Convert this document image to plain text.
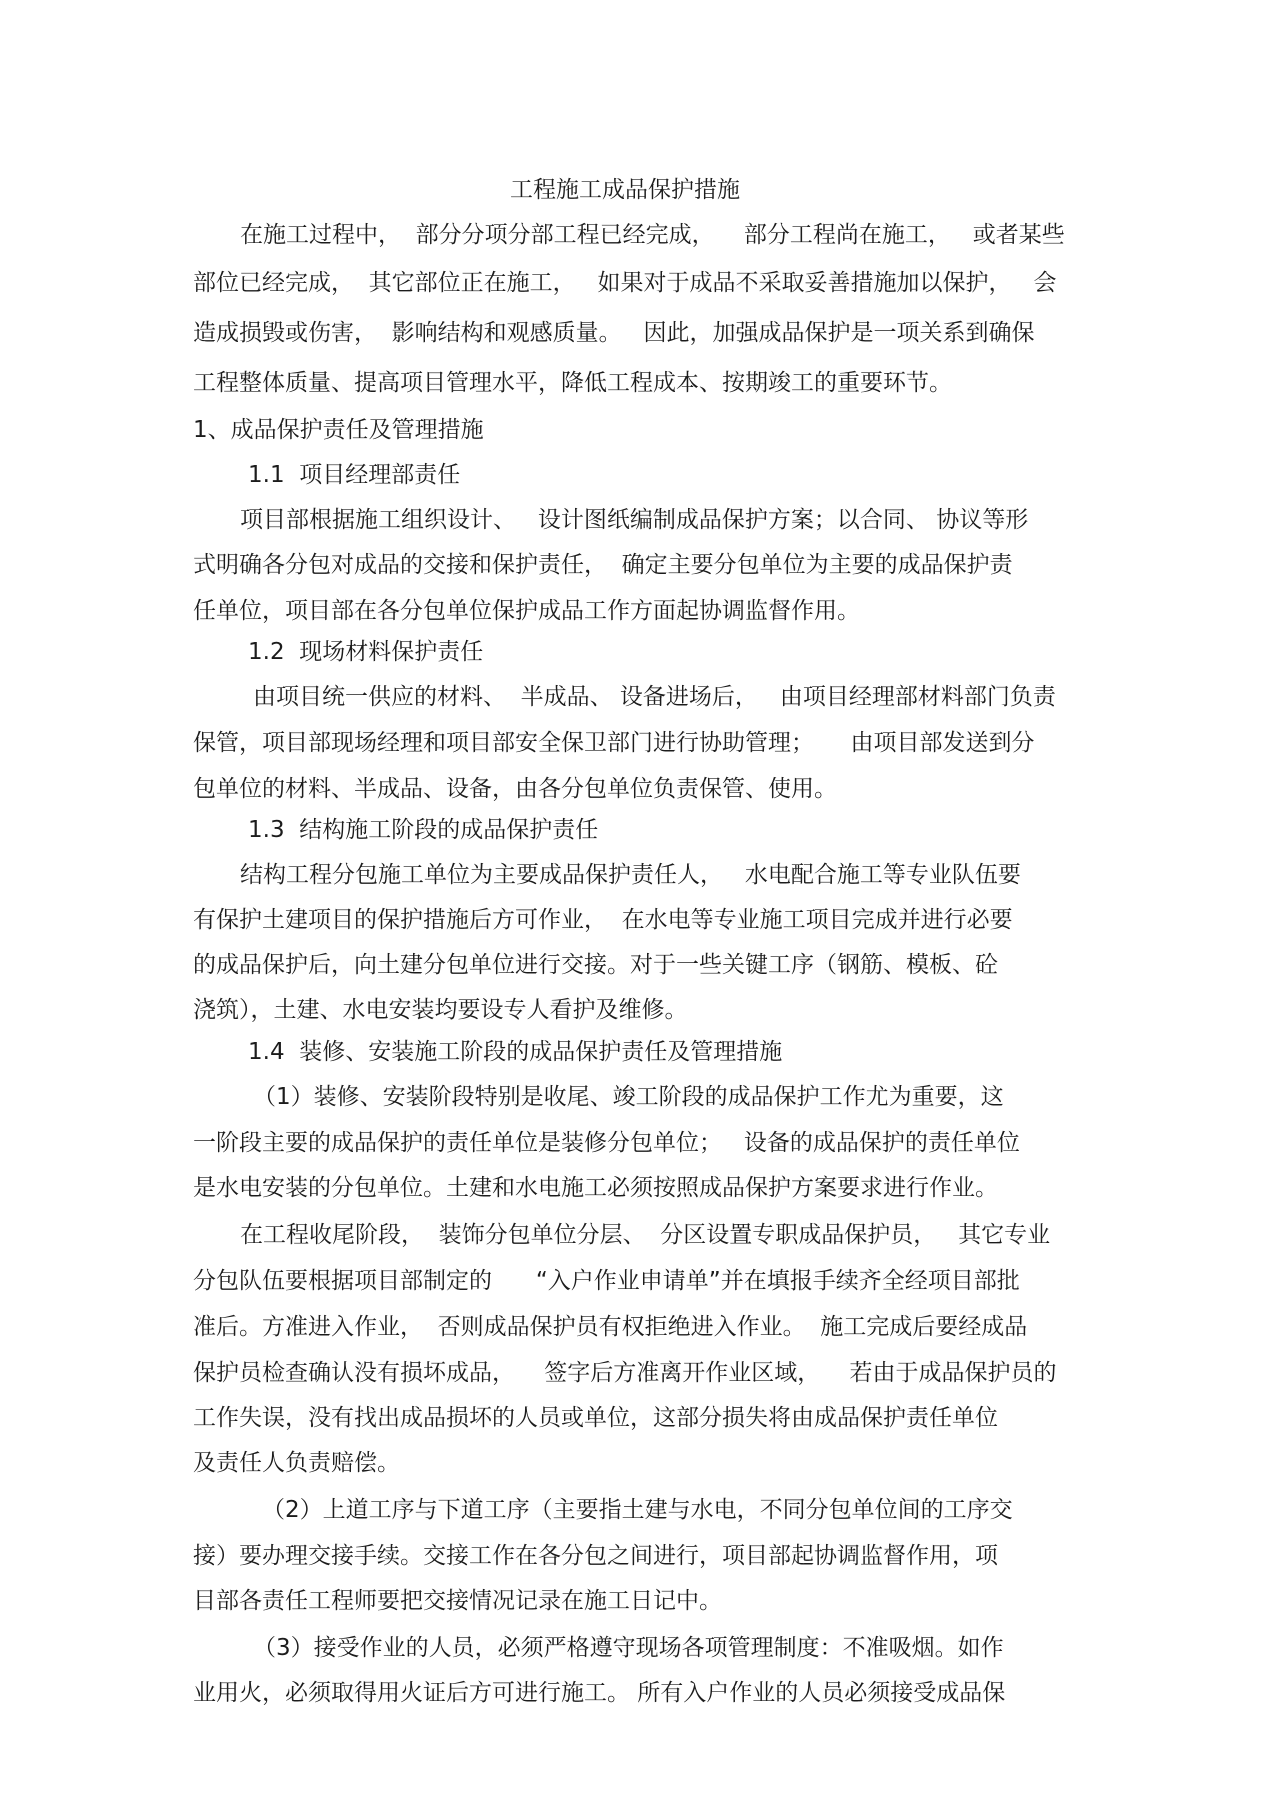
工程施工成品保护措施
在施工过程中，  部分分项分部工程已经完成，    部分工程尚在施工，   或者某些
部位已经完成，  其它部位正在施工，   如果对于成品不采取妥善措施加以保护，   会
造成损毁或伤害，  影响结构和观感质量。   因此，加强成品保护是一项关系到确保
工程整体质量、提高项目管理水平，降低工程成本、按期竣工的重要环节。
1、成品保护责任及管理措施
1.1  项目经理部责任
项目部根据施工组织设计、   设计图纸编制成品保护方案；以合同、 协议等形
式明确各分包对成品的交接和保护责任，  确定主要分包单位为主要的成品保护责
任单位，项目部在各分包单位保护成品工作方面起协调监督作用。
1.2  现场材料保护责任
由项目统一供应的材料、  半成品、 设备进场后，   由项目经理部材料部门负责
保管，项目部现场经理和项目部安全保卫部门进行协助管理；     由项目部发送到分
包单位的材料、半成品、设备，由各分包单位负责保管、使用。
1.3  结构施工阶段的成品保护责任
结构工程分包施工单位为主要成品保护责任人，   水电配合施工等专业队伍要
有保护土建项目的保护措施后方可作业，  在水电等专业施工项目完成并进行必要
的成品保护后，向土建分包单位进行交接。对于一些关键工序（钢筋、模板、砼
浇筑），土建、水电安装均要设专人看护及维修。
1.4  装修、安装施工阶段的成品保护责任及管理措施
（1）装修、安装阶段特别是收尾、竣工阶段的成品保护工作尤为重要，这
一阶段主要的成品保护的责任单位是装修分包单位；   设备的成品保护的责任单位
是水电安装的分包单位。土建和水电施工必须按照成品保护方案要求进行作业。
在工程收尾阶段，  装饰分包单位分层、  分区设置专职成品保护员，   其它专业
分包队伍要根据项目部制定的      “入户作业申请单”并在填报手续齐全经项目部批
准后。方准进入作业，  否则成品保护员有权拒绝进入作业。  施工完成后要经成品
保护员检查确认没有损坏成品，    签字后方准离开作业区域，    若由于成品保护员的
工作失误，没有找出成品损坏的人员或单位，这部分损失将由成品保护责任单位
及责任人负责赔偿。
（2）上道工序与下道工序（主要指土建与水电，不同分包单位间的工序交
接）要办理交接手续。交接工作在各分包之间进行，项目部起协调监督作用，项
目部各责任工程师要把交接情况记录在施工日记中。
（3）接受作业的人员，必须严格遵守现场各项管理制度：不准吸烟。如作
业用火，必须取得用火证后方可进行施工。 所有入户作业的人员必须接受成品保
